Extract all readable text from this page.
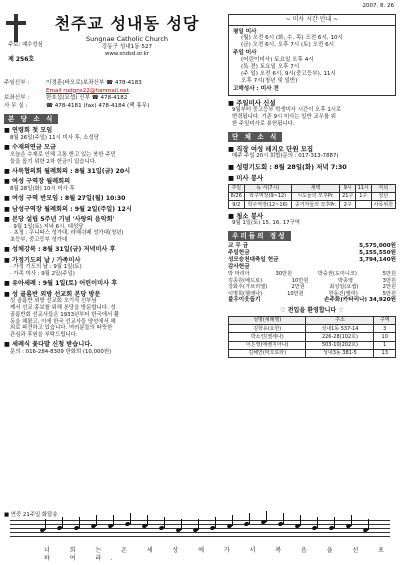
2007. 8. 26
천주교 성내동 성당
Sungnae Catholic Church
강동구 성내1동 527
www.sndsd.or.kr
주보: 예수성심
제 256호
주임신부 :	이경훈(바오로)보좌신부 ☎ 478-4183
Email rudgns22@hanmail.net
보좌신부 :	한호섭(요셉) 신부 ☎ 478-4182
사 무 실 :	☎ 478-4181 (fax) 478-4184 (팩 휴무)
본 당 소 식
■ 연령회 첫 모임
8월 26일(주일) 11시 미사 후, 소성당
■ 수재의연금 모금
오늘은 수재로 인해 고통 받고 있는 북한 주민
들을 돕기 위한 2차 헌금이 있습니다.
■ 사목협의회 월례회의 : 8월 31일(금) 20시
■ 여성 구역장 월례회의
8월 28일(화) 10시 미사 후
■ 여성 구역 반모임 : 8월 27일(월) 10:30
■ 남성구역장 월례회의 : 9월 2일(주일) 12시
■ 본당 설립 5주년 기념 '사랑의 음악회'
· 9월 1일(토) 저녁 6시, 대성당
· 초청 : 우니따스 성가대, 라헤쉬떼 성가대(청년)
초등부, 중고등부 성가대
■ 성체강복 : 8월 31일(금) 저녁미사 후
■ 가정기도의 날 / 가족미사
· 가정 기도의 날 : 9월 1일(토)
· 가족 미사 : 9월 2일(주일)
■ 유아세례 : 9월 1일(토) 어린이미사 후
■ 성 골롬반 외방 선교회 본당 방문
성 골롬반 외방 선교회 오기석 신부님
께서 선교 홍보를 위해 본당을 방문합니다. 성
골롬반회 선교사들은 1933년부터 한국에서 활
동을 해왔고, 이에 한국 선교사들 양성에서 헤
외로 파견하고 있습니다. 여러분들의 따뜻한
관심과 후원을 부탁드립니다.
■ 세례식 꽃다발 신청 받습니다.
문의 : 016-284-8309 한화희 (10,000원)
~ 미사 시간 안내 ~
평일 미사
(월) 오전 6시 (화, 수, 목) 오전 6시, 10시
(금) 오전 6시, 오후 7시 (토) 오전 6시
주일 미사
(어린이미사) 토요일 오후 4시
(특 전) 토요일 오후 7시
(주 일) 오전 6시, 9시(중고등부), 11시
오후 7시(청년 및 일반)
고해성사 : 미사 전
■ 주일미사 신설
9월부터 중고등부 학생미사 시간이 오후 1시로
변경됩니다. 기존 9시 미사는 일반 교우를 위
한 주일미사로 봉헌됩니다.
단 체 소 식
■ 직장 여성 레지오 단원 모집
매주 주일 20시 회합(문의 : 017-313-7887)
■ 성령기도회 : 8월 28일(화) 저녁 7:30
■ 미사 봉사
주일	독 서(7시)	새벽	9시	11시	저녁
8/26	학구역장(9~12)	시도들의 모후Pr.	21구	1구	청년
9/2	학구역장(12~16)	중거자들의 모후Pr.	2구		사목위원
■ 청소 봉사
9월 1일(토) 15, 16, 17구역
우리들의 정성
교 무 금	5,575,000원
주일헌금	5,155,550원
성모승천대축일 헌금	3,794,140원
감사헌금
박 마리아	30만원	박중권(도미니코)	5만원
김종원(베드로)	10만원	박종영	3만원
강화주(가브리엘)	2만원	최성일(요셉)	2만원
이명희(헬레나)	10만원	한동진(엘미)	5만원
불우이웃돕기	손주화(카타리나) 34,920원
♡ 전입을 환영합니다 ♡
성명(세례명)	주소	구역
김학유(요한)	성내1동 537-14	3
박소린(젤세나)	226-28(102호)	10
이은영(에벤지아나)	503-10(202호)	1
김해연(바오로라)	성내3동 381-5	13
■ 연중 21주일 화답송
너 희 는 온 세 상 에 가 서 복 음 을 선 포 하 여 라.
